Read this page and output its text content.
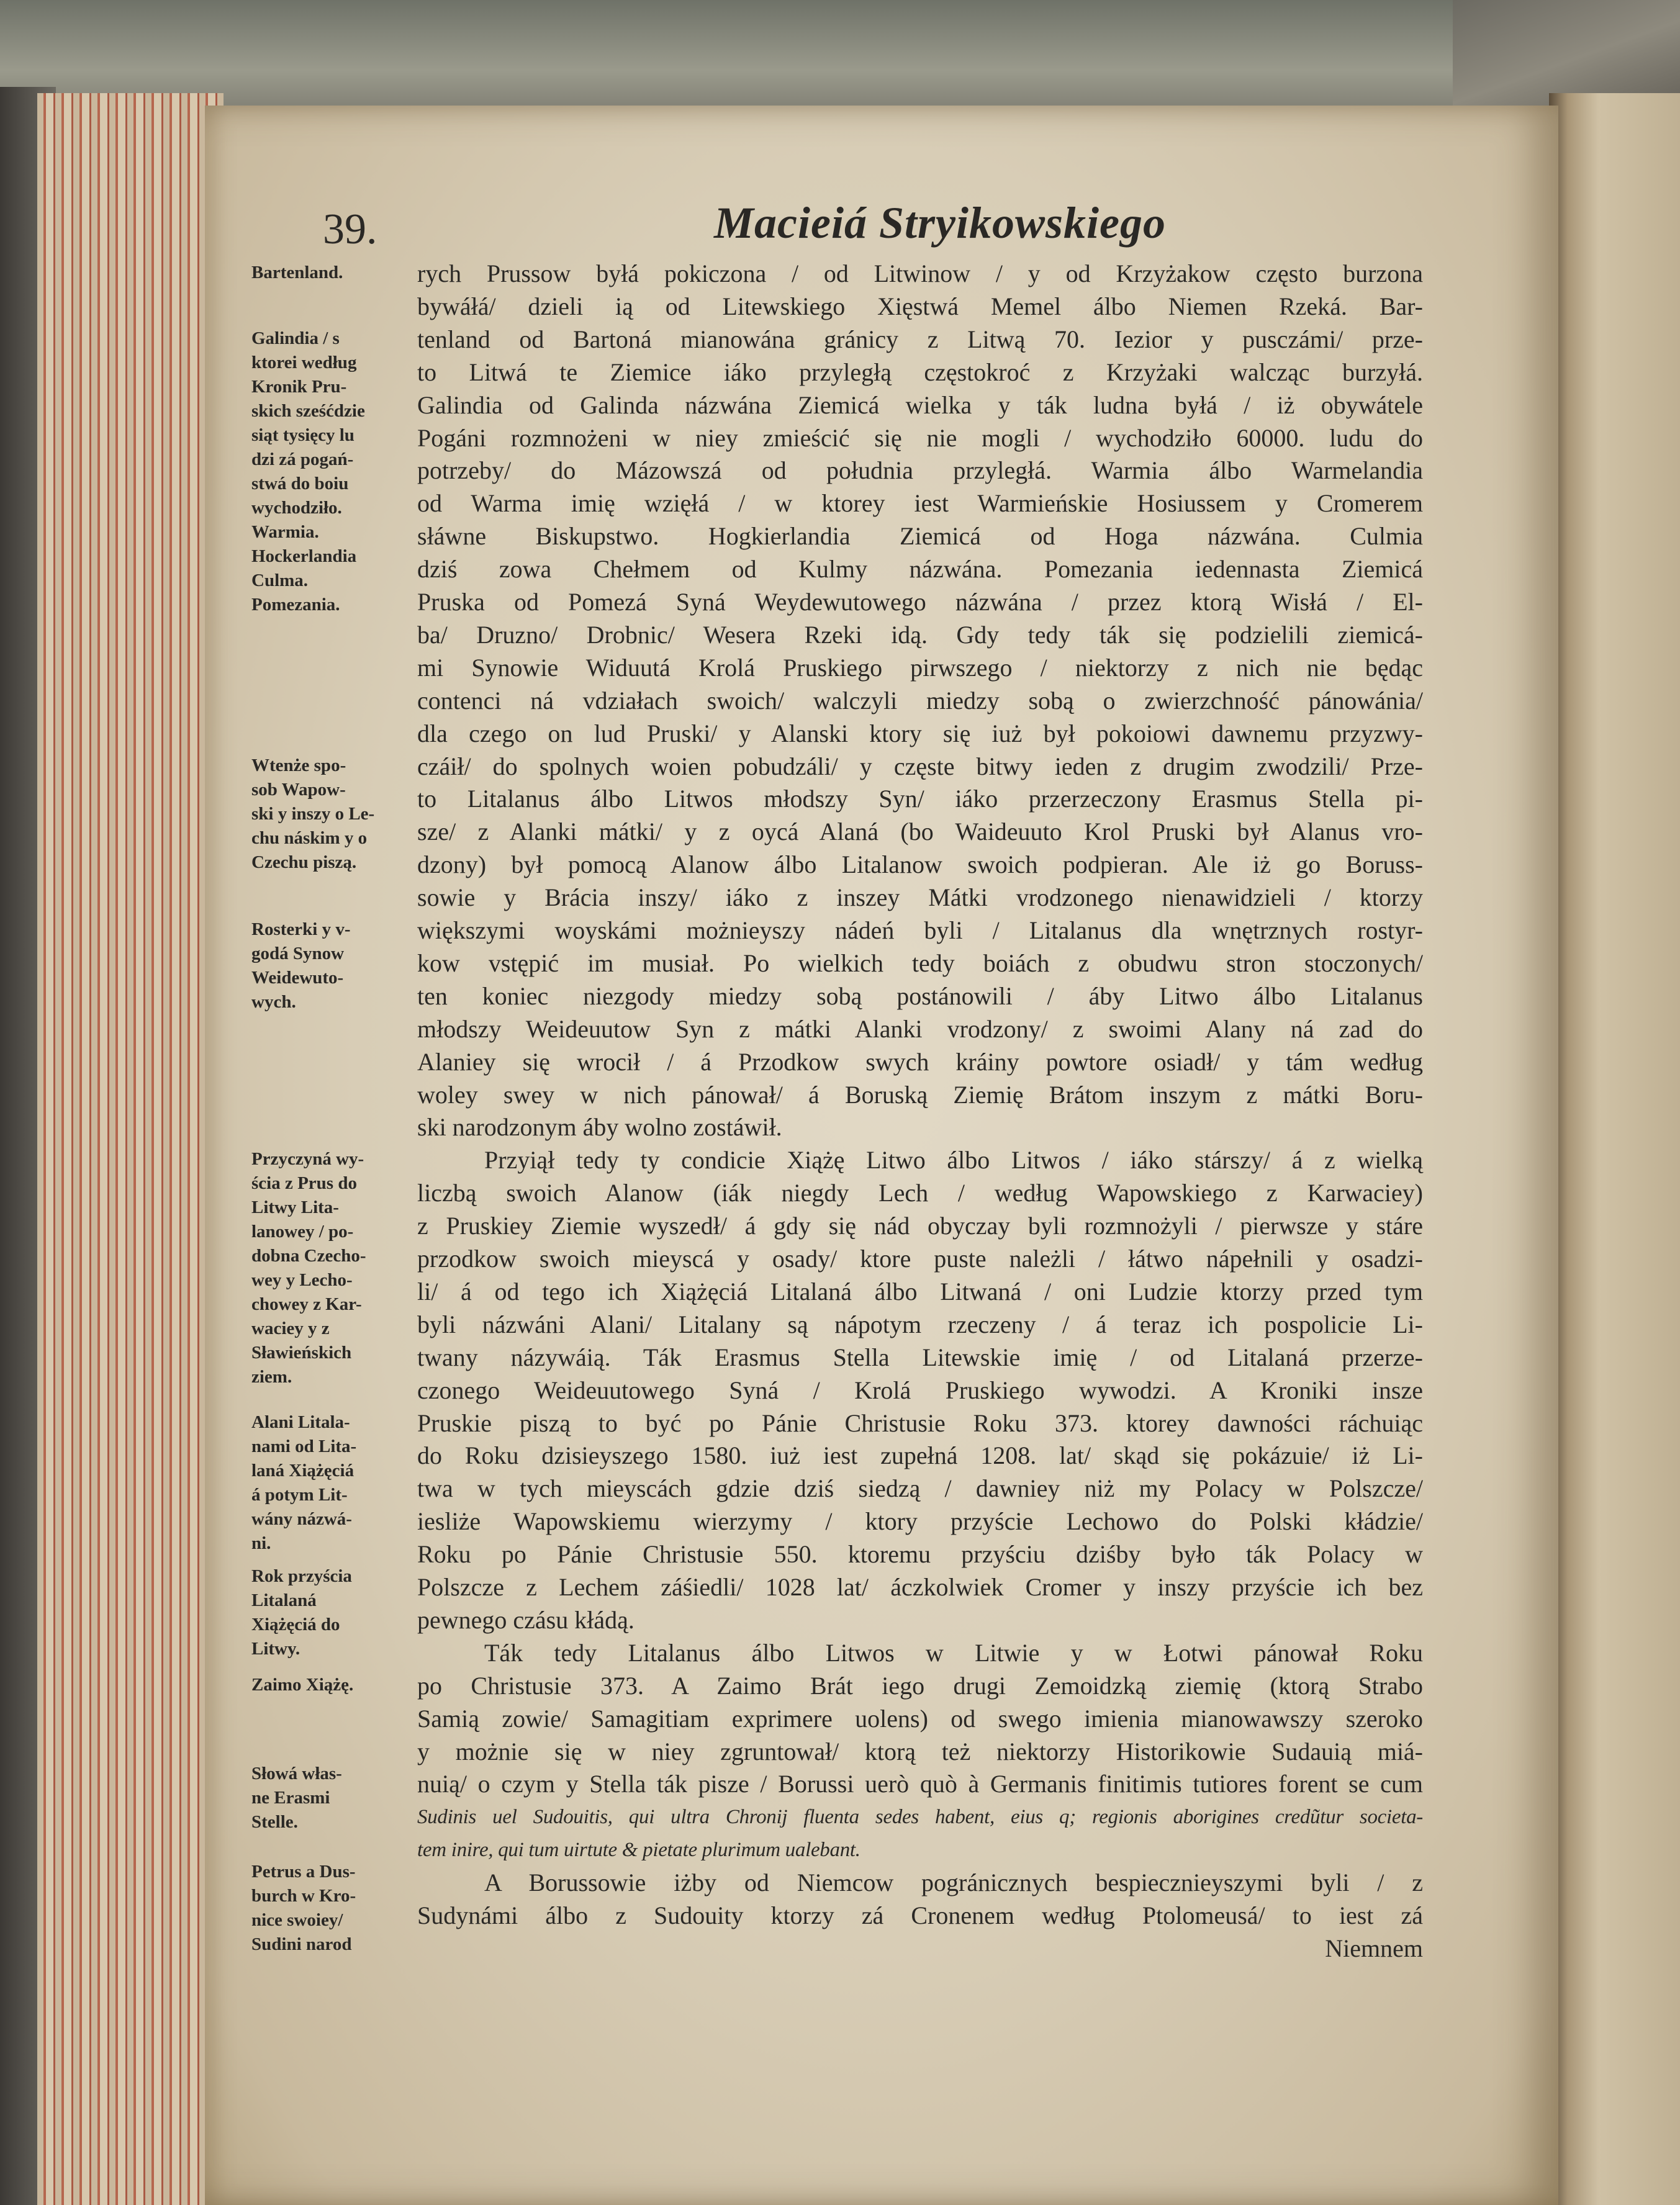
39.	Macieiá Stryikowskiego
rych Prussow byłá pokiczona / od Litwinow / y od Krzyżakow często burzona
bywáłá/ dzieli ią od Litewskiego Xięstwá Memel álbo Niemen Rzeká. Bar-
tenland od Bartoná mianowána gránicy z Litwą 70. Iezior y pusczámi/ prze-
to Litwá te Ziemice iáko przyległą częstokroć z Krzyżaki walcząc burzyłá.
Galindia od Galinda názwána Ziemicá wielka y ták ludna byłá / iż obywátele
Pogáni rozmnożeni w niey zmieścić się nie mogli / wychodziło 60000. ludu do
potrzeby/ do Mázowszá od południa przyległá. Warmia álbo Warmelandia
od Warma imię wzięłá / w ktorey iest Warmieńskie Hosiussem y Cromerem
słáwne Biskupstwo. Hogkierlandia Ziemicá od Hoga názwána. Culmia
dziś zowa Chełmem od Kulmy názwána. Pomezania iedennasta Ziemicá
Pruska od Pomezá Syná Weydewutowego názwána / przez ktorą Wisłá / El-
ba/ Druzno/ Drobnic/ Wesera Rzeki idą. Gdy tedy ták się podzielili ziemicá-
mi Synowie Widuutá Krolá Pruskiego pirwszego / niektorzy z nich nie będąc
contenci ná vdziałach swoich/ walczyli miedzy sobą o zwierzchność pánowánia/
dla czego on lud Pruski/ y Alanski ktory się iuż był pokoiowi dawnemu przyzwy-
czáił/ do spolnych woien pobudzáli/ y częste bitwy ieden z drugim zwodzili/ Prze-
to Litalanus álbo Litwos młodszy Syn/ iáko przerzeczony Erasmus Stella pi-
sze/ z Alanki mátki/ y z oycá Alaná (bo Waideuuto Krol Pruski był Alanus vro-
dzony) był pomocą Alanow álbo Litalanow swoich podpieran. Ale iż go Boruss-
sowie y Brácia inszy/ iáko z inszey Mátki vrodzonego nienawidzieli / ktorzy
większymi woyskámi możnieyszy nádeń byli / Litalanus dla wnętrznych rostyr-
kow vstępić im musiał. Po wielkich tedy boiách z obudwu stron stoczonych/
ten koniec niezgody miedzy sobą postánowili / áby Litwo álbo Litalanus
młodszy Weideuutow Syn z mátki Alanki vrodzony/ z swoimi Alany ná zad do
Alaniey się wrocił / á Przodkow swych kráiny powtore osiadł/ y tám według
woley swey w nich pánował/ á Boruską Ziemię Brátom inszym z mátki Boru-
ski narodzonym áby wolno zostáwił.
Przyiął tedy ty condicie Xiążę Litwo álbo Litwos / iáko stárszy/ á z wielką
liczbą swoich Alanow (iák niegdy Lech / według Wapowskiego z Karwaciey)
z Pruskiey Ziemie wyszedł/ á gdy się nád obyczay byli rozmnożyli / pierwsze y stáre
przodkow swoich mieyscá y osady/ ktore puste należli / łátwo nápełnili y osadzi-
li/ á od tego ich Xiążęciá Litalaná álbo Litwaná / oni Ludzie ktorzy przed tym
byli názwáni Alani/ Litalany są nápotym rzeczeny / á teraz ich pospolicie Li-
twany názywáią. Ták Erasmus Stella Litewskie imię / od Litalaná przerze-
czonego Weideuutowego Syná / Krolá Pruskiego wywodzi. A Kroniki insze
Pruskie piszą to być po Pánie Christusie Roku 373. ktorey dawności ráchuiąc
do Roku dzisieyszego 1580. iuż iest zupełná 1208. lat/ skąd się pokázuie/ iż Li-
twa w tych mieyscách gdzie dziś siedzą / dawniey niż my Polacy w Polszcze/
iesliże Wapowskiemu wierzymy / ktory przyście Lechowo do Polski kłádzie/
Roku po Pánie Christusie 550. ktoremu przyściu dziśby było ták Polacy w
Polszcze z Lechem záśiedli/ 1028 lat/ áczkolwiek Cromer y inszy przyście ich bez
pewnego czásu kłádą.
Ták tedy Litalanus álbo Litwos w Litwie y w Łotwi pánował Roku
po Christusie 373. A Zaimo Brát iego drugi Zemoidzką ziemię (ktorą Strabo
Samią zowie/ Samagitiam exprimere uolens) od swego imienia mianowawszy szeroko
y możnie się w niey zgruntował/ ktorą też niektorzy Historikowie Sudauią miá-
nuią/ o czym y Stella ták pisze / Borussi uerò quò à Germanis finitimis tutiores forent se cum
Sudinis uel Sudouitis, qui ultra Chronij fluenta sedes habent, eius q; regionis aborigines credũtur societa-
tem inire, qui tum uirtute & pietate plurimum ualebant.
A Borussowie iżby od Niemcow pogránicznych bespiecznieyszymi byli / z
Sudynámi álbo z Sudouity ktorzy zá Cronenem według Ptolomeusá/ to iest zá
Niemnem
Bartenland.
Galindia / s
ktorei według
Kronik Pru-
skich sześćdzie
siąt tysięcy lu
dzi zá pogań-
stwá do boiu
wychodziło.
Warmia.
Hockerlandia
Culma.
Pomezania.
Wtenże spo-
sob Wapow-
ski y inszy o Le-
chu náskim y o
Czechu piszą.
Rosterki y v-
godá Synow
Weidewuto-
wych.
Przyczyná wy-
ścia z Prus do
Litwy Lita-
lanowey / po-
dobna Czecho-
wey y Lecho-
chowey z Kar-
waciey y z
Sławieńskich
ziem.
Alani Litala-
nami od Lita-
laná Xiążęciá
á potym Lit-
wány názwá-
ni.
Rok przyścia
Litalaná
Xiążęciá do
Litwy.
Zaimo Xiążę.
Słowá włas-
ne Erasmi
Stelle.
Petrus a Dus-
burch w Kro-
nice swoiey/
Sudini narod
